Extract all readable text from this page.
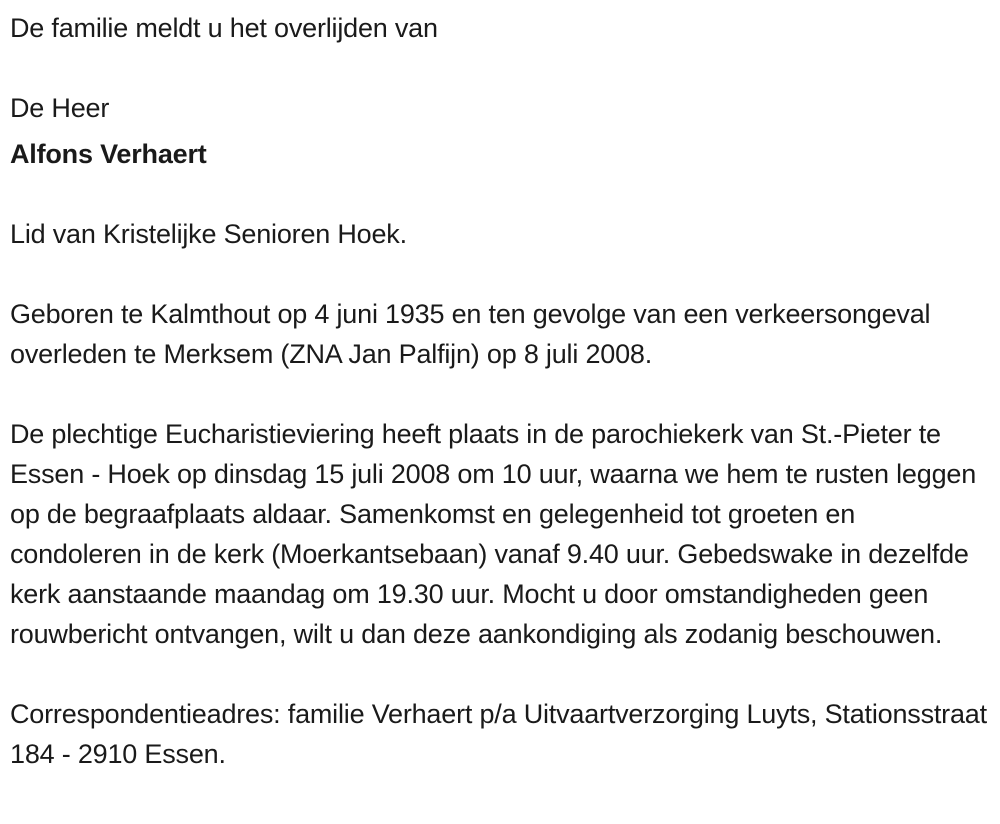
De familie meldt u het overlijden van

De Heer

Alfons Verhaert

Lid van Kristelijke Senioren Hoek.

Geboren te Kalmthout op 4 juni 1935 en ten gevolge van een verkeersongeval overleden te Merksem (ZNA Jan Palfijn) op 8 juli 2008.

De plechtige Eucharistieviering heeft plaats in de parochiekerk van St.-Pieter te Essen - Hoek op dinsdag 15 juli 2008 om 10 uur, waarna we hem te rusten leggen op de begraafplaats aldaar. Samenkomst en gelegenheid tot groeten en condoleren in de kerk (Moerkantsebaan) vanaf 9.40 uur. Gebedswake in dezelfde kerk aanstaande maandag om 19.30 uur. Mocht u door omstandigheden geen rouwbericht ontvangen, wilt u dan deze aankondiging als zodanig beschouwen.

Correspondentieadres: familie Verhaert p/a Uitvaartverzorging Luyts, Stationsstraat 184 - 2910 Essen.
